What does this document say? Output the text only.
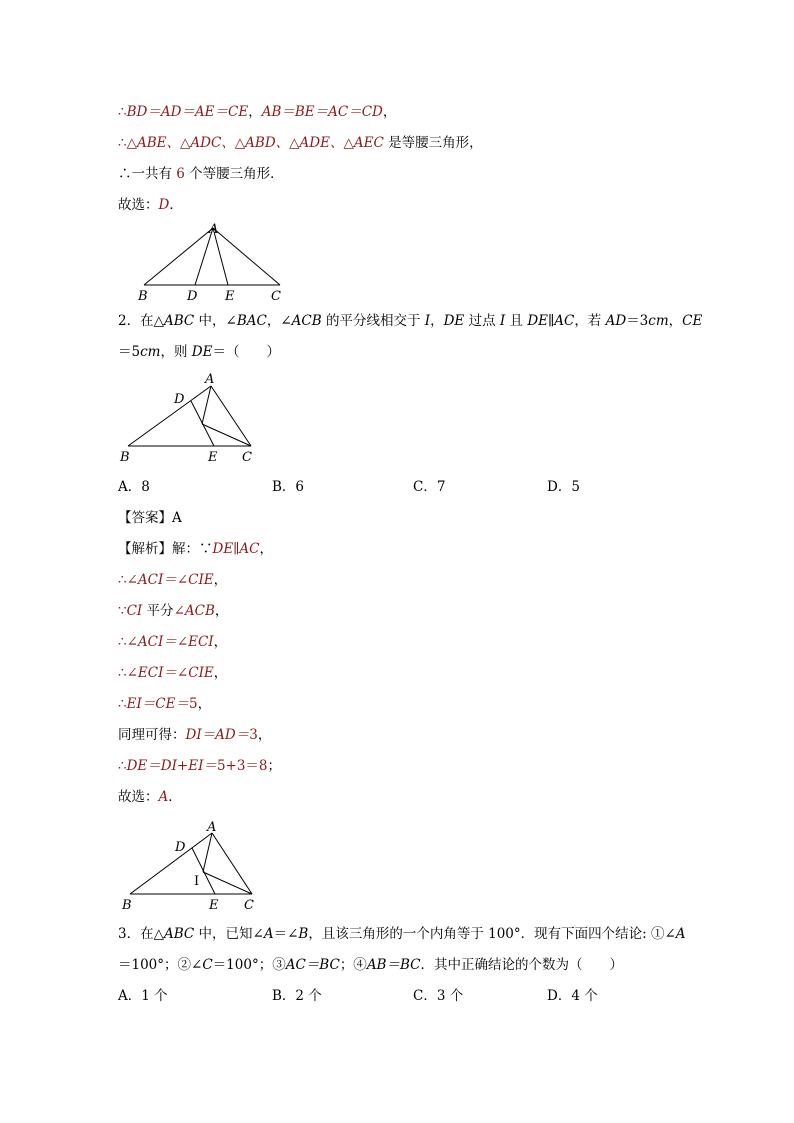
∴BD＝AD＝AE＝CE，AB＝BE＝AC＝CD，
∴△ABE、△ADC、△ABD、△ADE、△AEC 是等腰三角形，
∴一共有 6 个等腰三角形．
故选：D．
A
B	D E	C
2．在△ABC 中，∠BAC，∠ACB 的平分线相交于 I，DE 过点 I 且 DE∥AC，若 AD＝3cm，CE
＝5cm，则 DE＝（　　）
A
D
B	E C
A．8	B．6	C．7	D．5
【答案】A
【解析】解：∵DE∥AC，
∴∠ACI＝∠CIE，
∵CI 平分∠ACB，
∴∠ACI＝∠ECI，
∴∠ECI＝∠CIE，
∴EI＝CE＝5，
同理可得：DI＝AD＝3，
∴DE＝DI+EI＝5+3＝8；
故选：A．
A
D
I
B	E C
3．在△ABC 中，已知∠A＝∠B，且该三角形的一个内角等于 100°．现有下面四个结论: ①∠A
＝100°；②∠C＝100°；③AC＝BC；④AB＝BC．其中正确结论的个数为（　　）
A．1 个	B．2 个	C．3 个	D．4 个
